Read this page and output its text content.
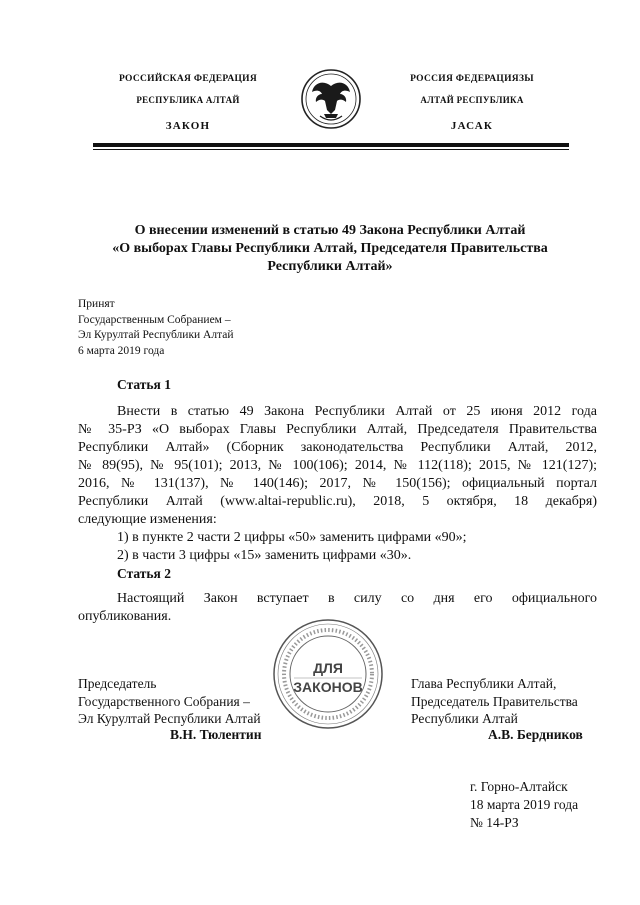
РОССИЙСКАЯ ФЕДЕРАЦИЯ
РЕСПУБЛИКА АЛТАЙ
ЗАКОН
РОССИЯ ФЕДЕРАЦИЯЗЫ
АЛТАЙ РЕСПУБЛИКА
ЈАСАК
О внесении изменений в статью 49 Закона Республики Алтай
«О выборах Главы Республики Алтай, Председателя Правительства
Республики Алтай»
Принят
Государственным Собранием –
Эл Курултай Республики Алтай
6 марта 2019 года
Статья 1
Внести в статью 49 Закона Республики Алтай от 25 июня 2012 года
№ 35-РЗ «О выборах Главы Республики Алтай, Председателя Правительства
Республики Алтай» (Сборник законодательства Республики Алтай, 2012,
№ 89(95), № 95(101); 2013, № 100(106); 2014, № 112(118); 2015, № 121(127);
2016, № 131(137), № 140(146); 2017, № 150(156); официальный портал
Республики Алтай (www.altai-republic.ru), 2018, 5 октября, 18 декабря)
следующие изменения:
1) в пункте 2 части 2 цифры «50» заменить цифрами «90»;
2) в части 3 цифры «15» заменить цифрами «30».
Статья 2
Настоящий Закон вступает в силу со дня его официального
опубликования.
ДЛЯ
ЗАКОНОВ
Председатель
Государственного Собрания –
Эл Курултай Республики Алтай
В.Н. Тюлентин
Глава Республики Алтай,
Председатель Правительства
Республики Алтай
А.В. Бердников
г. Горно-Алтайск
18 марта 2019 года
№ 14-РЗ
